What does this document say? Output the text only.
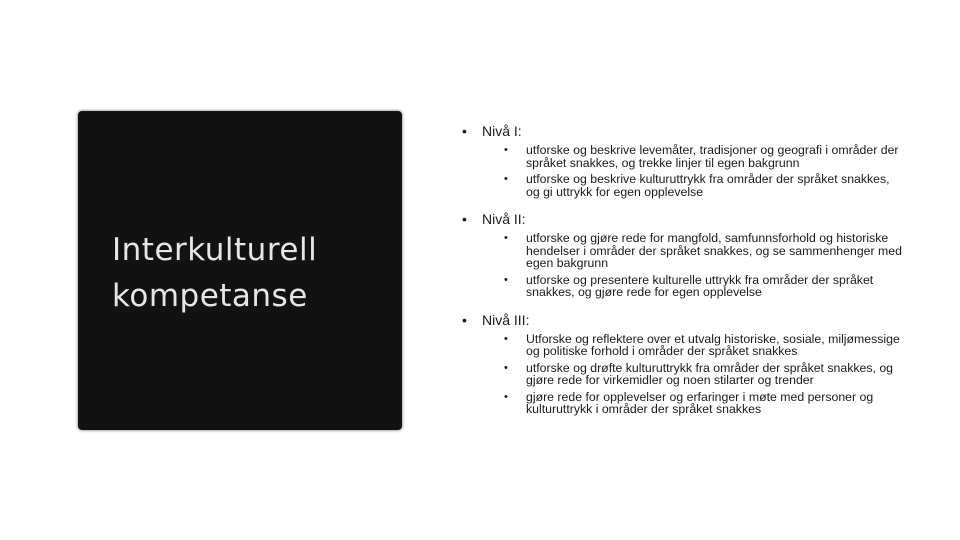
Interkulturell
kompetanse
• Nivå I:
• utforske og beskrive levemåter, tradisjoner og geografi i områder der språket snakkes, og trekke linjer til egen bakgrunn
• utforske og beskrive kulturuttrykk fra områder der språket snakkes, og gi uttrykk for egen opplevelse
• Nivå II:
• utforske og gjøre rede for mangfold, samfunnsforhold og historiske hendelser i områder der språket snakkes, og se sammenhenger med egen bakgrunn
• utforske og presentere kulturelle uttrykk fra områder der språket snakkes, og gjøre rede for egen opplevelse
• Nivå III:
• Utforske og reflektere over et utvalg historiske, sosiale, miljømessige og politiske forhold i områder der språket snakkes
• utforske og drøfte kulturuttrykk fra områder der språket snakkes, og gjøre rede for virkemidler og noen stilarter og trender
• gjøre rede for opplevelser og erfaringer i møte med personer og kulturuttrykk i områder der språket snakkes
